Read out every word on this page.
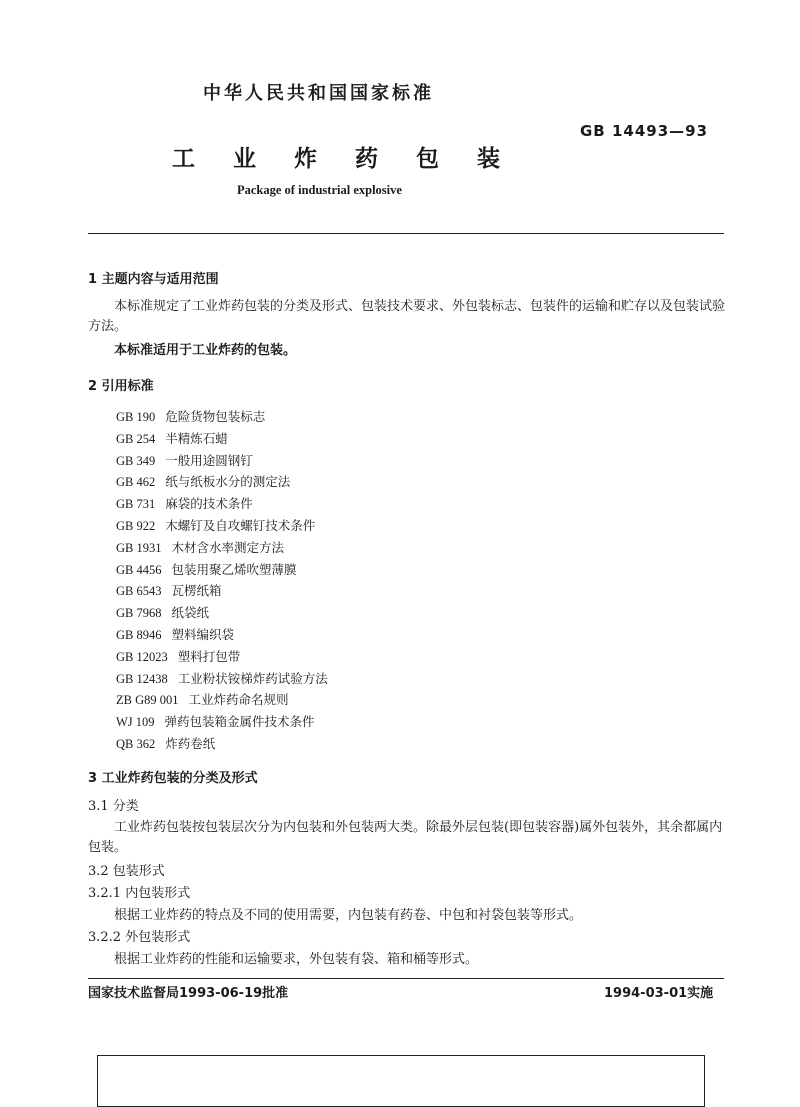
中华人民共和国国家标准
GB 14493—93
工 业 炸 药 包 装
Package of industrial explosive
1 主题内容与适用范围
本标准规定了工业炸药包装的分类及形式、包装技术要求、外包装标志、包装件的运输和贮存以及包装试验方法。
本标准适用于工业炸药的包装。
2 引用标准
GB 190 危险货物包装标志
GB 254 半精炼石蜡
GB 349 一般用途圆钢钉
GB 462 纸与纸板水分的测定法
GB 731 麻袋的技术条件
GB 922 木螺钉及自攻螺钉技术条件
GB 1931 木材含水率测定方法
GB 4456 包装用聚乙烯吹塑薄膜
GB 6543 瓦楞纸箱
GB 7968 纸袋纸
GB 8946 塑料编织袋
GB 12023 塑料打包带
GB 12438 工业粉状铵梯炸药试验方法
ZB G89 001 工业炸药命名规则
WJ 109 弹药包装箱金属件技术条件
QB 362 炸药卷纸
3 工业炸药包装的分类及形式
3.1 分类
工业炸药包装按包装层次分为内包装和外包装两大类。除最外层包装(即包装容器)属外包装外，其余都属内包装。
3.2 包装形式
3.2.1 内包装形式
根据工业炸药的特点及不同的使用需要，内包装有药卷、中包和衬袋包装等形式。
3.2.2 外包装形式
根据工业炸药的性能和运输要求，外包装有袋、箱和桶等形式。
国家技术监督局1993-06-19批准	1994-03-01实施
